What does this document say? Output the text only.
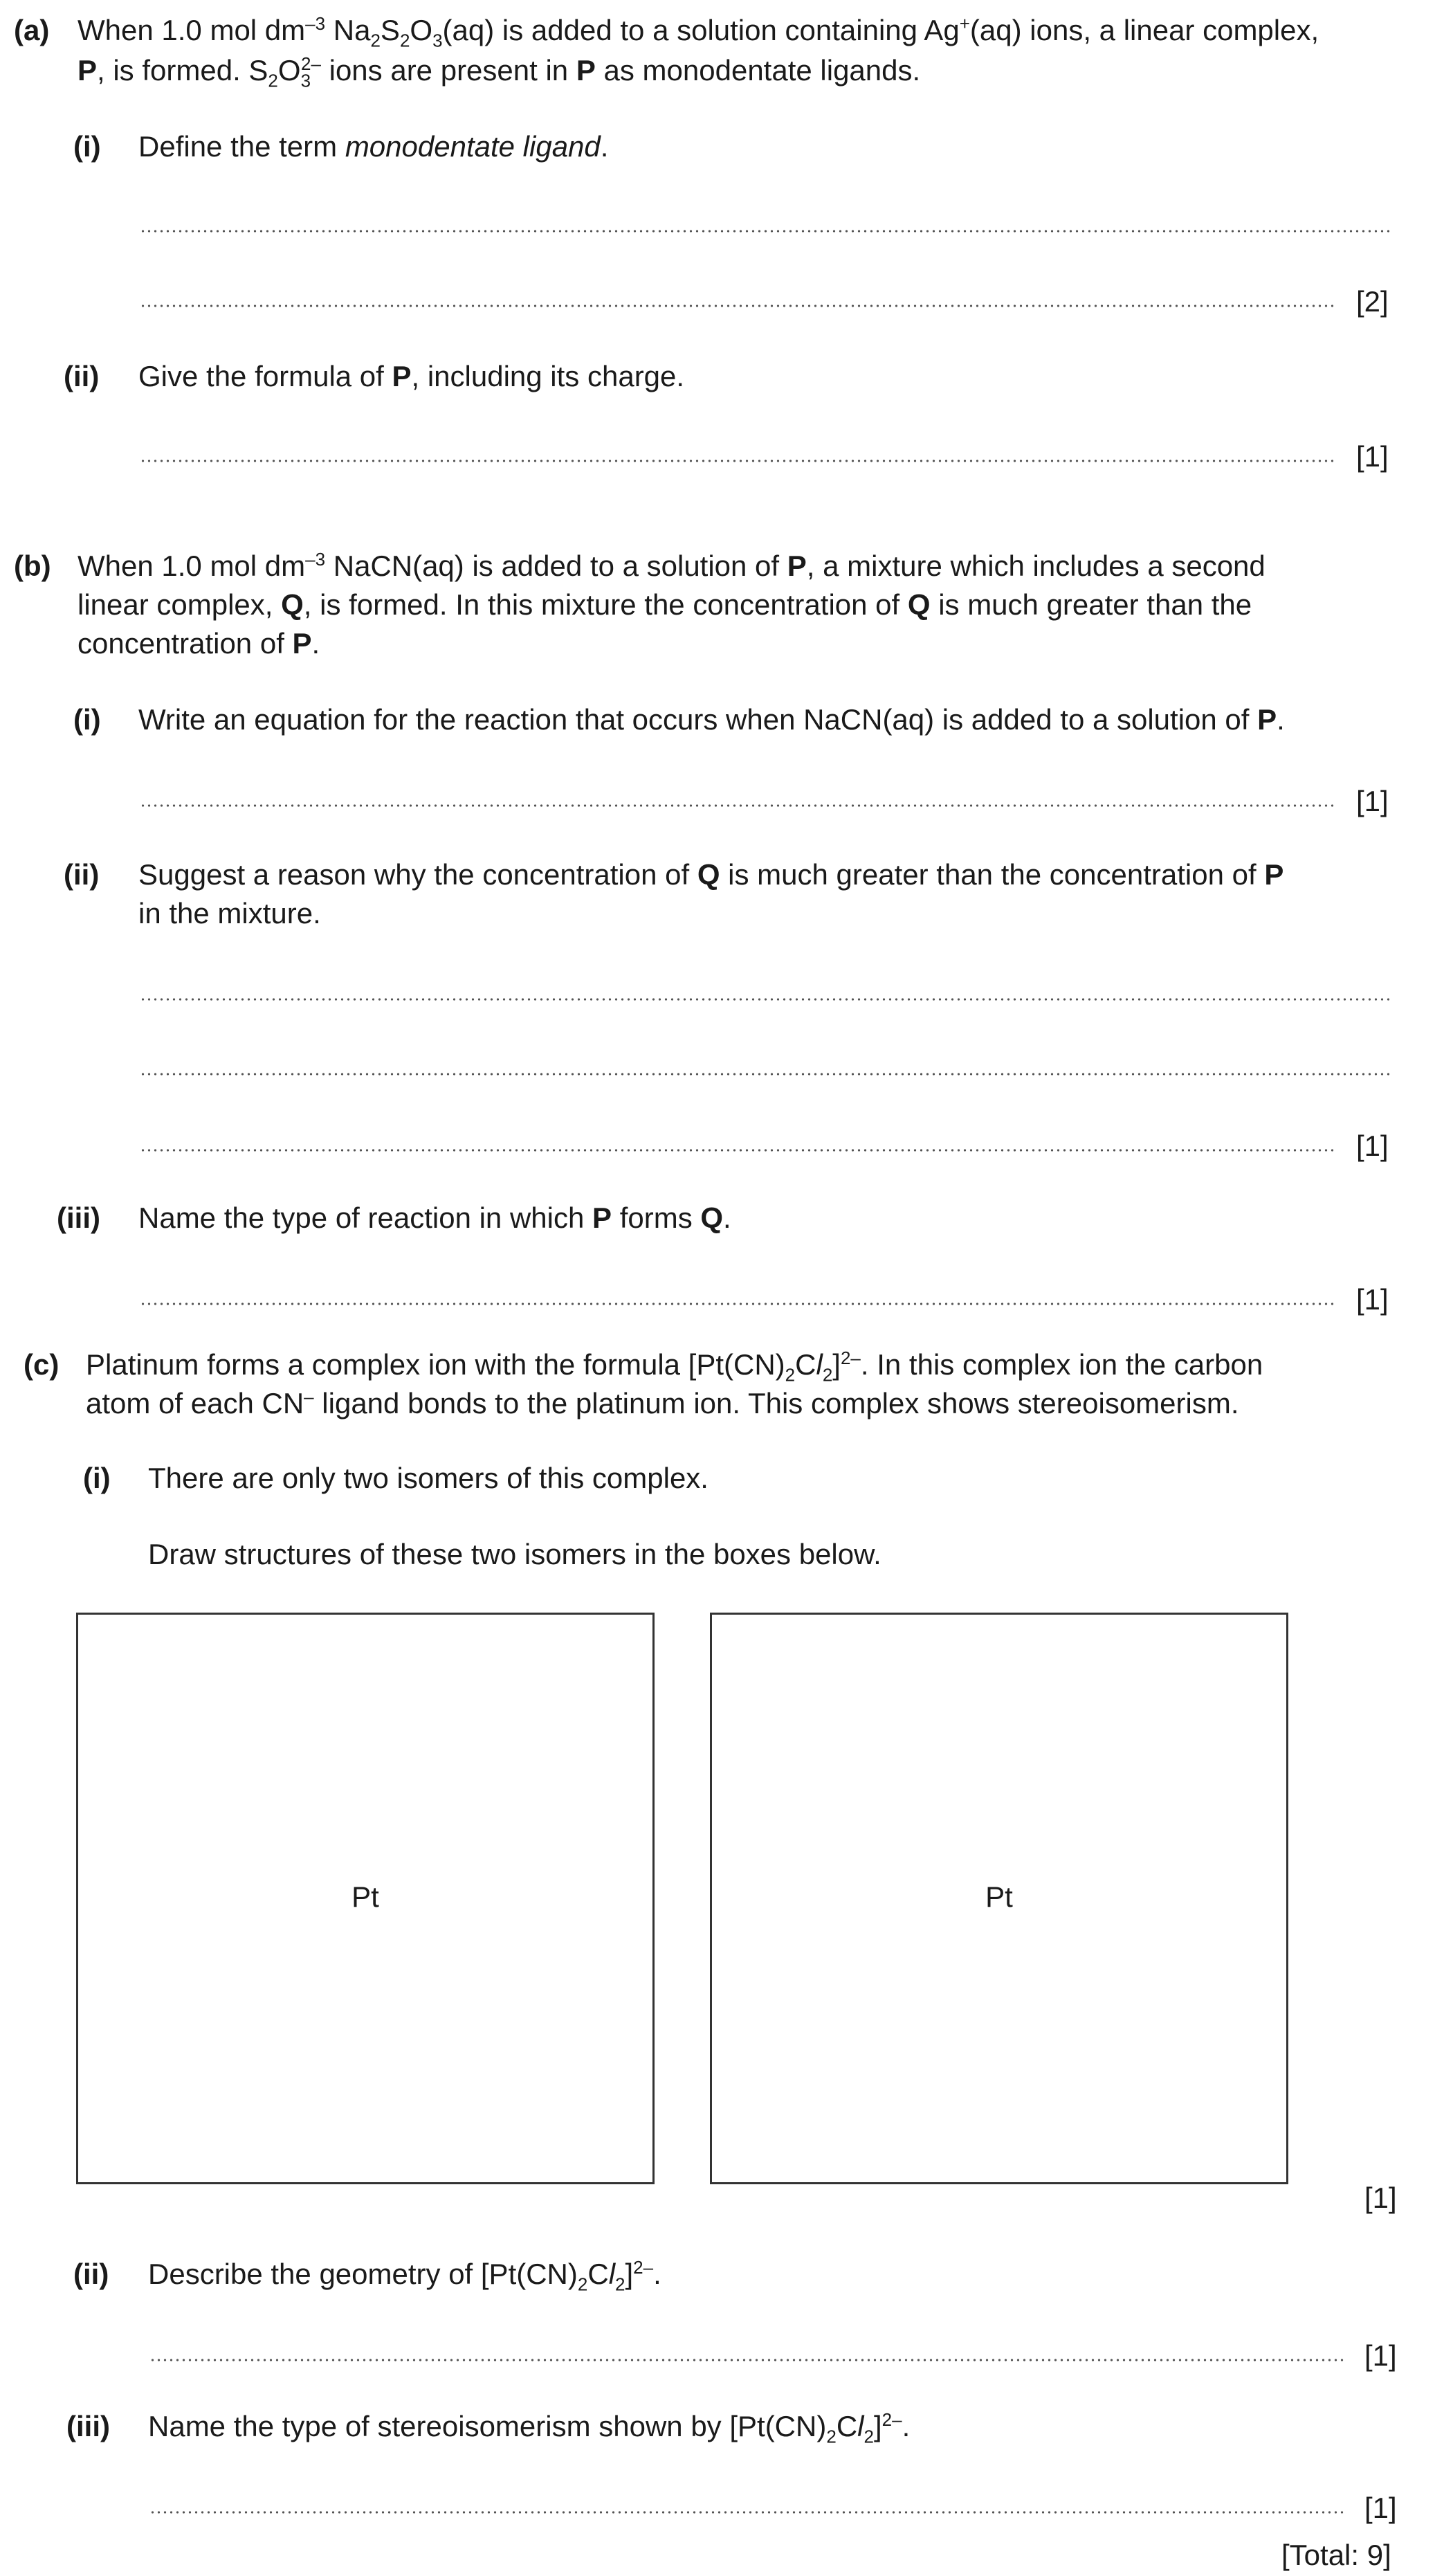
(a) When 1.0 mol $dm^{-3}$ $Na_2S_2O_3(aq)$ is added to a solution containing Ag+(aq) ions, a linear complex,
P, is formed. $S_2O_3^{2-}$ ions are present in P as monodentate ligands.
(i) Define the term monodentate ligand.
[2]
(ii) Give the formula of P, including its charge.
[1]
(b) When 1.0 mol $dm^{-3}$ NaCN(aq) is added to a solution of P, a mixture which includes a second
linear complex, Q, is formed. In this mixture the concentration of Q is much greater than the
concentration of P.
(i) Write an equation for the reaction that occurs when NaCN(aq) is added to a solution of P.
[1]
(ii) Suggest a reason why the concentration of Q is much greater than the concentration of P
in the mixture.
[1]
(iii) Name the type of reaction in which P forms Q.
[1]
(c) Platinum forms a complex ion with the formula $[Pt(CN)_2Cl_2]^{2-}$. In this complex ion the carbon
atom of each CN– ligand bonds to the platinum ion. This complex shows stereoisomerism.
(i) There are only two isomers of this complex.
Draw structures of these two isomers in the boxes below.
Pt	Pt
[1]
(ii) Describe the geometry of $[Pt(CN)_2Cl_2]^{2-}$.
[1]
(iii) Name the type of stereoisomerism shown by $[Pt(CN)_2Cl_2]^{2-}$.
[1]
[Total: 9]
